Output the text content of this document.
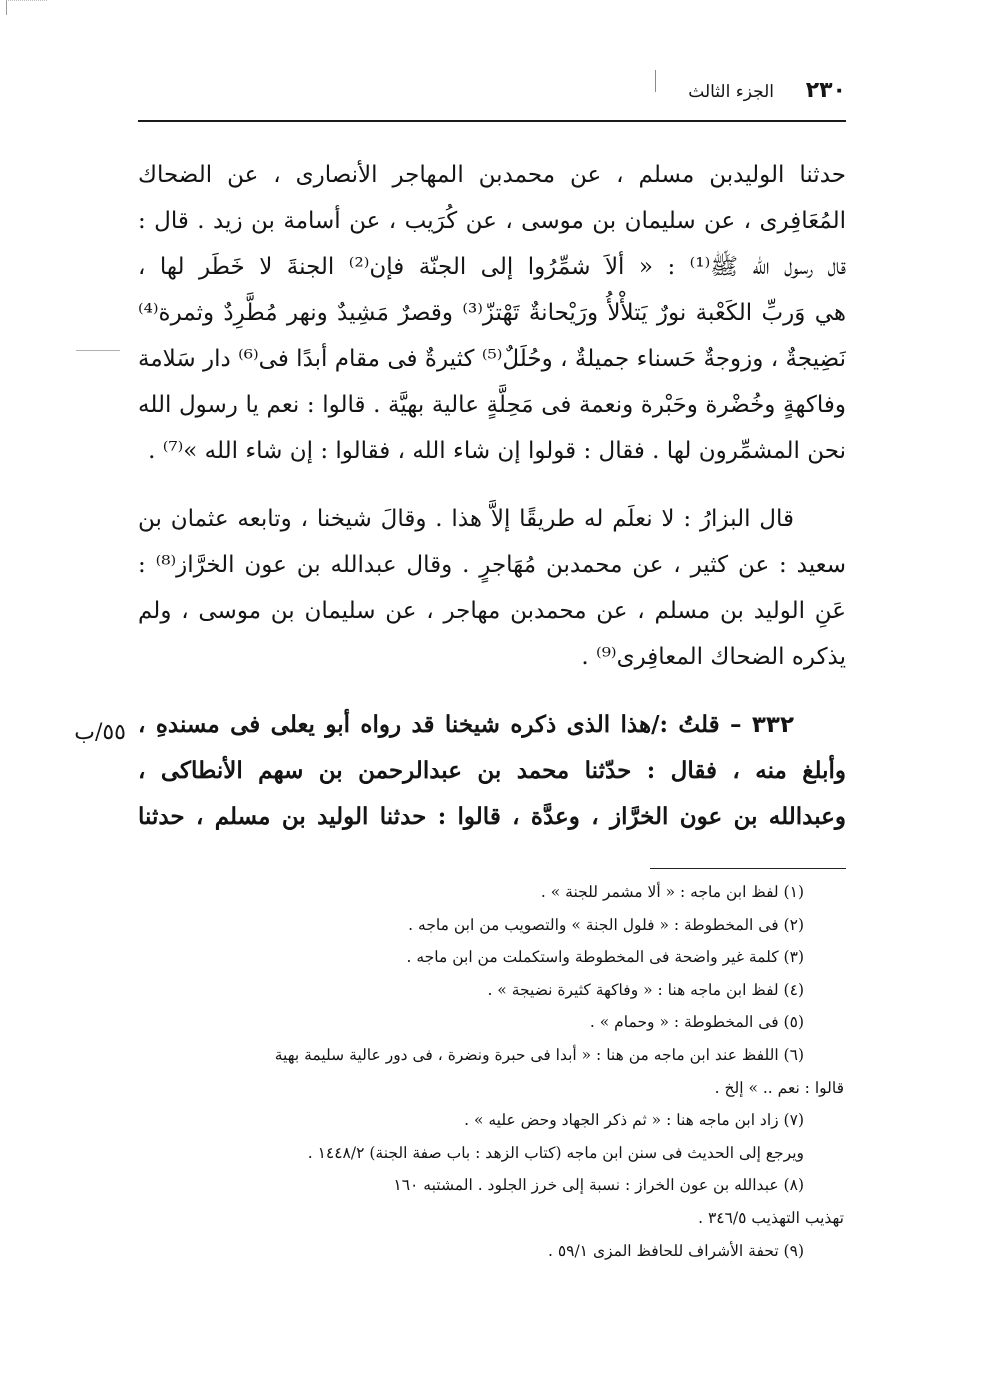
٢٣٠
الجزء الثالث
٥٥/ب

حدثنا الوليدبن مسلم ، عن محمدبن المهاجر الأنصارى ، عن الضحاك

المُعَافِرى ، عن سليمان بن موسى ، عن كُرَيب ، عن أسامة بن زيد . قال :

قال رسول الله ﷺ⁽¹⁾ : « ألاَ شمِّرُوا إلى الجنّة فإن⁽²⁾ الجنةَ لا خَطَر لها ،

هي وَربِّ الكَعْبة نورٌ يَتلأْلأُ ورَيْحانةٌ تَهْتزّ⁽³⁾ وقصرٌ مَشِيدٌ ونهر مُطَّرِدٌ وثمرة⁽⁴⁾

نَضِيجةٌ ، وزوجةٌ حَسناء جميلةٌ ، وحُلَلٌ⁽⁵⁾ كثيرةٌ فى مقام أبدًا فى⁽⁶⁾ دار سَلامة

وفاكهةٍ وخُضْرة وحَبْرة ونعمة فى مَحِلَّةٍ عالية بهيَّة . قالوا : نعم يا رسول الله

نحن المشمِّرون لها . فقال : قولوا إن شاء الله ، فقالوا : إن شاء الله »⁽⁷⁾ .

قال البزارُ : لا نعلَم له طريقًا إلاَّ هذا . وقالَ شيخنا ، وتابعه عثمان بن

سعيد : عن كثير ، عن محمدبن مُهَاجرٍ . وقال عبدالله بن عون الخرَّاز⁽⁸⁾ :

عَنِ الوليد بن مسلم ، عن محمدبن مهاجر ، عن سليمان بن موسى ، ولم

يذكره الضحاك المعافِرى⁽⁹⁾ .

٣٣٢ – قلتُ :/هذا الذى ذكره شيخنا قد رواه أبو يعلى فى مسندهِ ،

وأبلغ منه ، فقال : حدّثنا محمد بن عبدالرحمن بن سهم الأنطاكى ،

وعبدالله بن عون الخرَّاز ، وعدَّة ، قالوا : حدثنا الوليد بن مسلم ، حدثنا

(١) لفظ ابن ماجه : « ألا مشمر للجنة » .

(٢) فى المخطوطة : « فلول الجنة » والتصويب من ابن ماجه .

(٣) كلمة غير واضحة فى المخطوطة واستكملت من ابن ماجه .

(٤) لفظ ابن ماجه هنا : « وفاكهة كثيرة نضيجة » .

(٥) فى المخطوطة : « وحمام » .

(٦) اللفظ عند ابن ماجه من هنا : « أبدا فى حبرة ونضرة ، فى دور عالية سليمة بهية

قالوا : نعم .. » إلخ .

(٧) زاد ابن ماجه هنا : « ثم ذكر الجهاد وحض عليه » .

ويرجع إلى الحديث فى سنن ابن ماجه (كتاب الزهد : باب صفة الجنة) ١٤٤٨/٢ .

(٨) عبدالله بن عون الخراز : نسبة إلى خرز الجلود . المشتبه ١٦٠

تهذيب التهذيب ٣٤٦/٥ .

(٩) تحفة الأشراف للحافظ المزى ٥٩/١ .
